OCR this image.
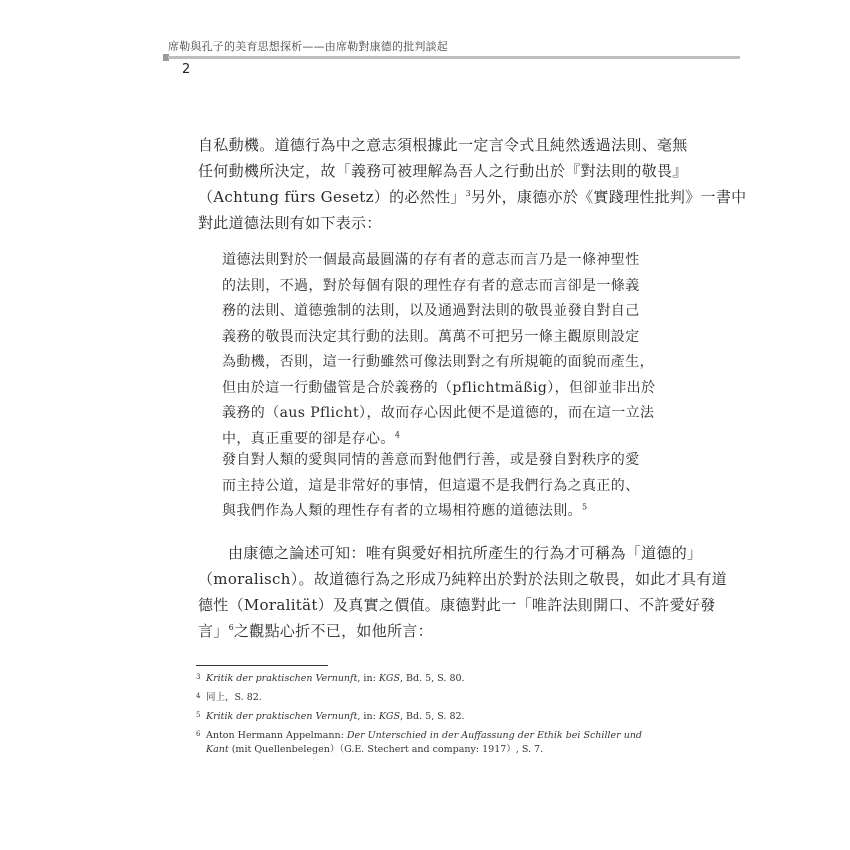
席勒與孔子的美育思想探析——由席勒對康德的批判談起
2
自私動機。道德行為中之意志須根據此一定言令式且純然透過法則、毫無
任何動機所決定，故「義務可被理解為吾人之行動出於『對法則的敬畏』
（Achtung fürs Gesetz）的必然性」$^3$另外，康德亦於《實踐理性批判》一書中
對此道德法則有如下表示：
道德法則對於一個最高最圓滿的存有者的意志而言乃是一條神聖性
的法則，不過，對於每個有限的理性存有者的意志而言卻是一條義
務的法則、道德強制的法則，以及通過對法則的敬畏並發自對自己
義務的敬畏而決定其行動的法則。萬萬不可把另一條主觀原則設定
為動機，否則，這一行動雖然可像法則對之有所規範的面貌而產生，
但由於這一行動儘管是合於義務的（pflichtmäßig），但卻並非出於
義務的（aus Pflicht），故而存心因此便不是道德的，而在這一立法
中，真正重要的卻是存心。$^4$
發自對人類的愛與同情的善意而對他們行善，或是發自對秩序的愛
而主持公道，這是非常好的事情，但這還不是我們行為之真正的、
與我們作為人類的理性存有者的立場相符應的道德法則。$^5$
由康德之論述可知：唯有與愛好相抗所產生的行為才可稱為「道德的」
（moralisch）。故道德行為之形成乃純粹出於對於法則之敬畏，如此才具有道
德性（Moralität）及真實之價值。康德對此一「唯許法則開口、不許愛好發
言」$^6$之觀點心折不已，如他所言：
3 Kritik der praktischen Vernunft, in: KGS, Bd. 5, S. 80.
4 同上，S. 82.
5 Kritik der praktischen Vernunft, in: KGS, Bd. 5, S. 82.
6 Anton Hermann Appelmann: Der Unterschied in der Auffassung der Ethik bei Schiller und Kant (mit Quellenbelegen）（G.E. Stechert and company: 1917）, S. 7.
